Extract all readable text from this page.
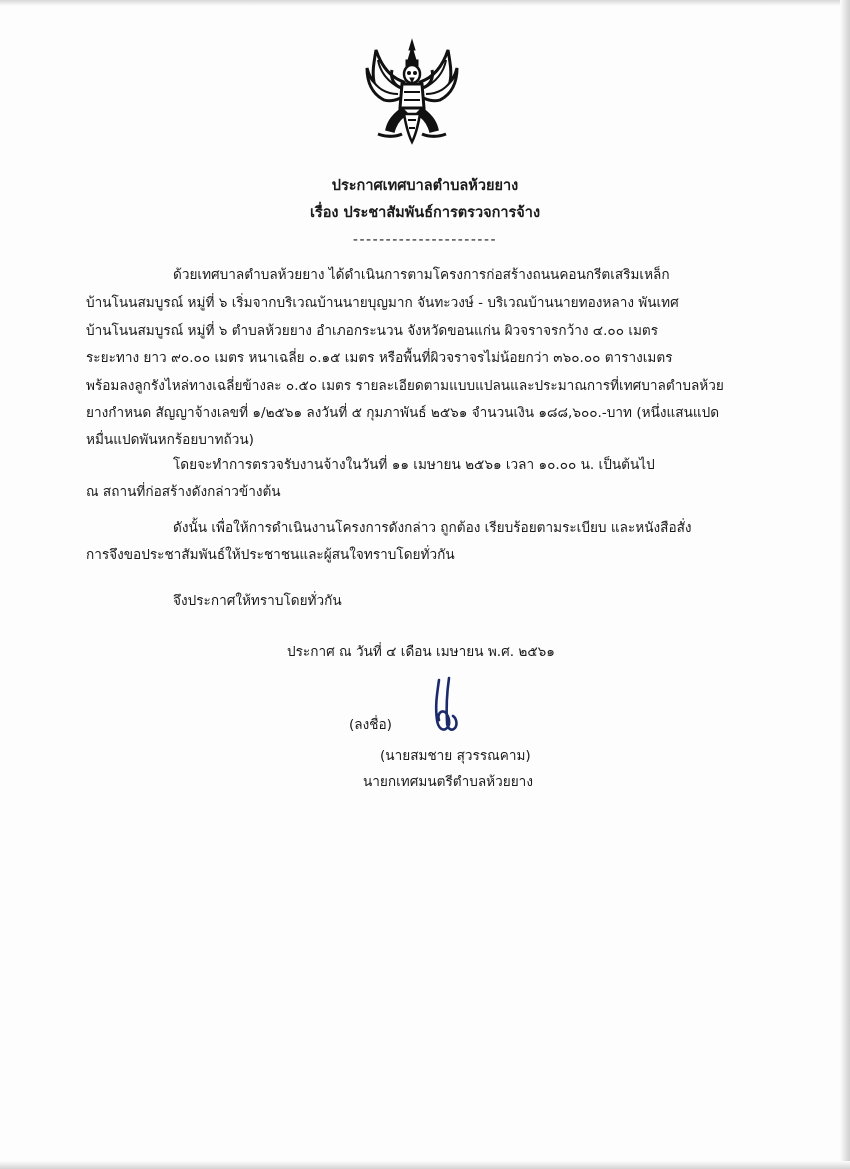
ประกาศเทศบาลตำบลห้วยยาง
เรื่อง ประชาสัมพันธ์การตรวจการจ้าง
----------------------
ด้วยเทศบาลตำบลห้วยยาง ได้ดำเนินการตามโครงการก่อสร้างถนนคอนกรีตเสริมเหล็ก
บ้านโนนสมบูรณ์ หมู่ที่ ๖ เริ่มจากบริเวณบ้านนายบุญมาก จันทะวงษ์ - บริเวณบ้านนายทองหลาง พันเทศ
บ้านโนนสมบูรณ์ หมู่ที่ ๖ ตำบลห้วยยาง อำเภอกระนวน จังหวัดขอนแก่น ผิวจราจรกว้าง ๔.๐๐ เมตร
ระยะทาง ยาว ๙๐.๐๐ เมตร หนาเฉลี่ย ๐.๑๕ เมตร หรือพื้นที่ผิวจราจรไม่น้อยกว่า ๓๖๐.๐๐ ตารางเมตร
พร้อมลงลูกรังไหล่ทางเฉลี่ยข้างละ ๐.๕๐ เมตร รายละเอียดตามแบบแปลนและประมาณการที่เทศบาลตำบลห้วย
ยางกำหนด สัญญาจ้างเลขที่ ๑/๒๕๖๑ ลงวันที่ ๕ กุมภาพันธ์ ๒๕๖๑ จำนวนเงิน ๑๘๘,๖๐๐.-บาท (หนึ่งแสนแปด
หมื่นแปดพันหกร้อยบาทถ้วน)
โดยจะทำการตรวจรับงานจ้างในวันที่ ๑๑ เมษายน ๒๕๖๑ เวลา ๑๐.๐๐ น. เป็นต้นไป
ณ สถานที่ก่อสร้างดังกล่าวข้างต้น
ดังนั้น เพื่อให้การดำเนินงานโครงการดังกล่าว ถูกต้อง เรียบร้อยตามระเบียบ และหนังสือสั่ง
การจึงขอประชาสัมพันธ์ให้ประชาชนและผู้สนใจทราบโดยทั่วกัน
จึงประกาศให้ทราบโดยทั่วกัน
ประกาศ ณ วันที่ ๔ เดือน เมษายน พ.ศ. ๒๕๖๑
(ลงชื่อ)
(นายสมชาย สุวรรณคาม)
นายกเทศมนตรีตำบลห้วยยาง
